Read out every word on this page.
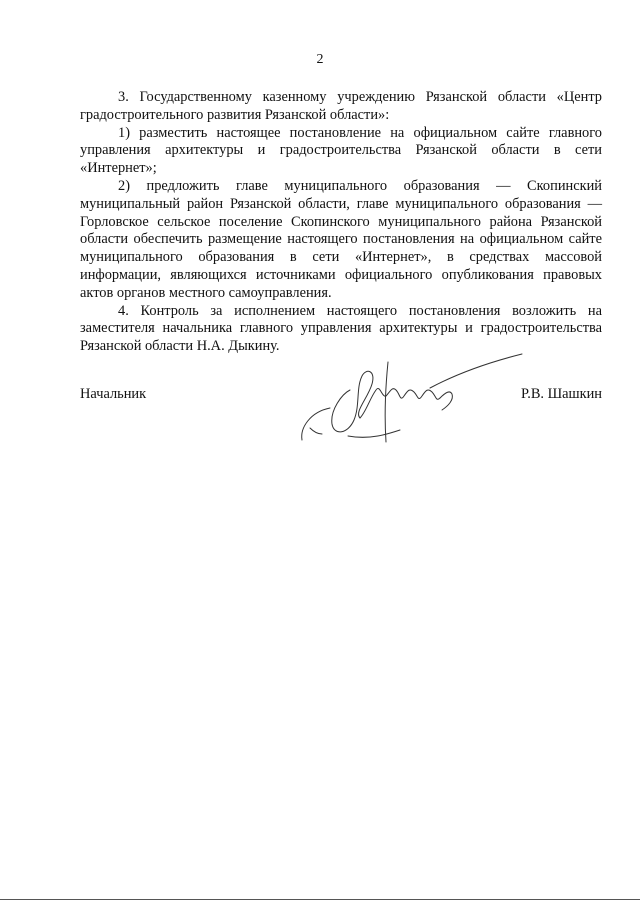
2

3. Государственному казенному учреждению Рязанской области «Центр градостроительного развития Рязанской области»:

1) разместить настоящее постановление на официальном сайте главного управления архитектуры и градостроительства Рязанской области в сети «Интернет»;

2) предложить главе муниципального образования — Скопинский муниципальный район Рязанской области, главе муниципального образования — Горловское сельское поселение Скопинского муниципального района Рязанской области обеспечить размещение настоящего постановления на официальном сайте муниципального образования в сети «Интернет», в средствах массовой информации, являющихся источниками официального опубликования правовых актов органов местного самоуправления.

4. Контроль за исполнением настоящего постановления возложить на заместителя начальника главного управления архитектуры и градостроительства Рязанской области Н.А. Дыкину.

Начальник	Р.В. Шашкин
